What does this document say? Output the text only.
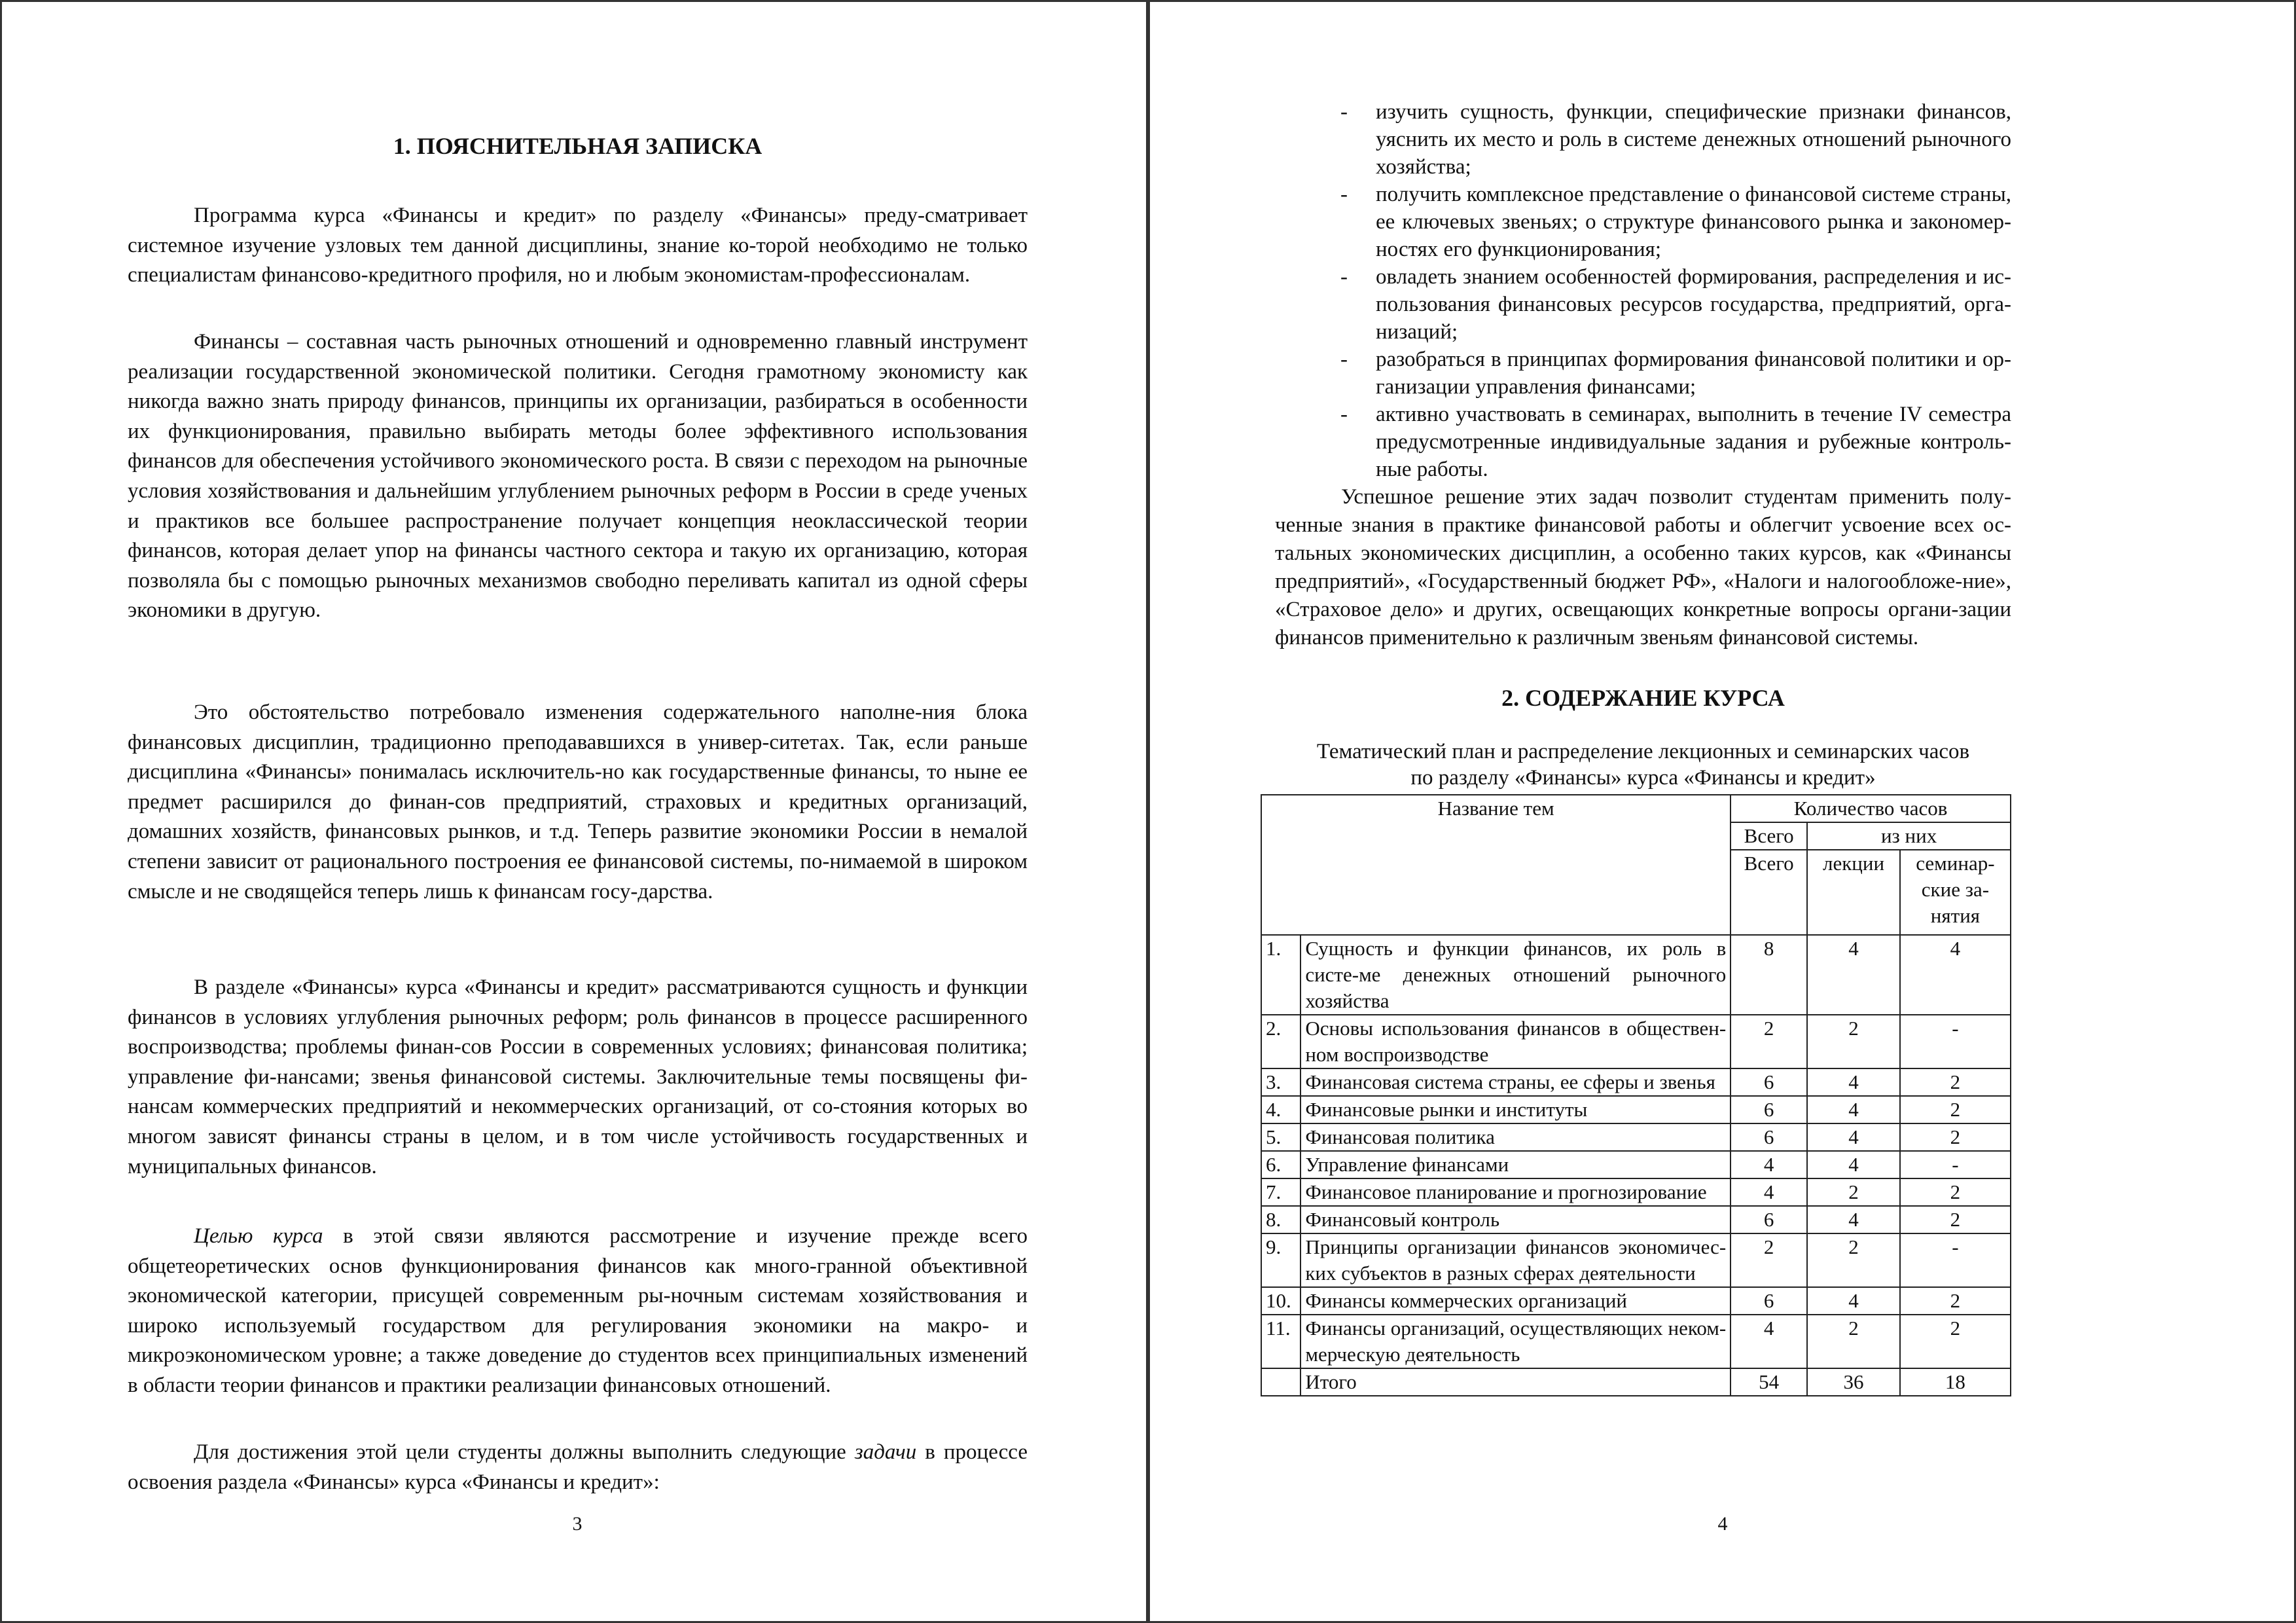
1. ПОЯСНИТЕЛЬНАЯ ЗАПИСКА

Программа курса «Финансы и кредит» по разделу «Финансы» преду-сматривает системное изучение узловых тем данной дисциплины, знание ко-торой необходимо не только специалистам финансово-кредитного профиля, но и любым экономистам-профессионалам.

Финансы – составная часть рыночных отношений и одновременно главный инструмент реализации государственной экономической политики. Сегодня грамотному экономисту как никогда важно знать природу финансов, принципы их организации, разбираться в особенности их функционирования, правильно выбирать методы более эффективного использования финансов для обеспечения устойчивого экономического роста. В связи с переходом на рыночные условия хозяйствования и дальнейшим углублением рыночных реформ в России в среде ученых и практиков все большее распространение получает концепция неоклассической теории финансов, которая делает упор на финансы частного сектора и такую их организацию, которая позволяла бы с помощью рыночных механизмов свободно переливать капитал из одной сферы экономики в другую.

Это обстоятельство потребовало изменения содержательного наполне-ния блока финансовых дисциплин, традиционно преподававшихся в универ-ситетах. Так, если раньше дисциплина «Финансы» понималась исключитель-но как государственные финансы, то ныне ее предмет расширился до финан-сов предприятий, страховых и кредитных организаций, домашних хозяйств, финансовых рынков, и т.д. Теперь развитие экономики России в немалой степени зависит от рационального построения ее финансовой системы, по-нимаемой в широком смысле и не сводящейся теперь лишь к финансам госу-дарства.

В разделе «Финансы» курса «Финансы и кредит» рассматриваются сущность и функции финансов в условиях углубления рыночных реформ; роль финансов в процессе расширенного воспроизводства; проблемы финан-сов России в современных условиях; финансовая политика; управление фи-нансами; звенья финансовой системы. Заключительные темы посвящены фи-нансам коммерческих предприятий и некоммерческих организаций, от со-стояния которых во многом зависят финансы страны в целом, и в том числе устойчивость государственных и муниципальных финансов.

Целью курса в этой связи являются рассмотрение и изучение прежде всего общетеоретических основ функционирования финансов как много-гранной объективной экономической категории, присущей современным ры-ночным системам хозяйствования и широко используемый государством для регулирования экономики на макро- и микроэкономическом уровне; а также доведение до студентов всех принципиальных изменений в области теории финансов и практики реализации финансовых отношений.

Для достижения этой цели студенты должны выполнить следующие задачи в процессе освоения раздела «Финансы» курса «Финансы и кредит»:

3
- изучить сущность, функции, специфические признаки финансов, уяснить их место и роль в системе денежных отношений рыночного хозяйства;
- получить комплексное представление о финансовой системе страны, ее ключевых звеньях; о структуре финансового рынка и закономер-ностях его функционирования;
- овладеть знанием особенностей формирования, распределения и ис-пользования финансовых ресурсов государства, предприятий, орга-низаций;
- разобраться в принципах формирования финансовой политики и ор-ганизации управления финансами;
- активно участвовать в семинарах, выполнить в течение IV семестра предусмотренные индивидуальные задания и рубежные контроль-ные работы.

Успешное решение этих задач позволит студентам применить полу-ченные знания в практике финансовой работы и облегчит усвоение всех ос-тальных экономических дисциплин, а особенно таких курсов, как «Финансы предприятий», «Государственный бюджет РФ», «Налоги и налогообложе-ние», «Страховое дело» и других, освещающих конкретные вопросы органи-зации финансов применительно к различным звеньям финансовой системы.

2. СОДЕРЖАНИЕ КУРСА
Тематический план и распределение лекционных и семинарских часов
по разделу «Финансы» курса «Финансы и кредит»
Название тем		Количество часов		
		Всего	из них	
		Всего	лекции	семинар-ские за-нятия
1.	Сущность и функции финансов, их роль в систе-ме денежных отношений рыночного хозяйства	8	4	4
2.	Основы использования финансов в обществен-ном воспроизводстве	2	2	-
3.	Финансовая система страны, ее сферы и звенья	6	4	2
4.	Финансовые рынки и институты	6	4	2
5.	Финансовая политика	6	4	2
6.	Управление финансами	4	4	-
7.	Финансовое планирование и прогнозирование	4	2	2
8.	Финансовый контроль	6	4	2
9.	Принципы организации финансов экономичес-ких субъектов в разных сферах деятельности	2	2	-
10.	Финансы коммерческих организаций	6	4	2
11.	Финансы организаций, осуществляющих неком-мерческую деятельность	4	2	2
	Итого	54	36	18
4
